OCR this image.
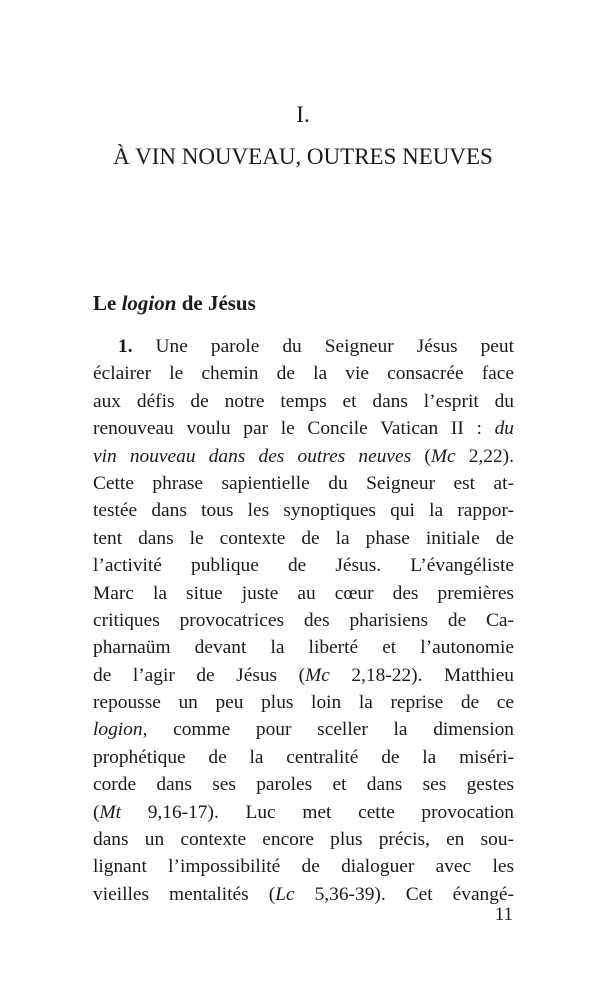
I.
À VIN NOUVEAU, OUTRES NEUVES
Le logion de Jésus
1. Une parole du Seigneur Jésus peut
éclairer le chemin de la vie consacrée face
aux défis de notre temps et dans l’esprit du
renouveau voulu par le Concile Vatican II : du
vin nouveau dans des outres neuves (Mc 2,22).
Cette phrase sapientielle du Seigneur est at-
testée dans tous les synoptiques qui la rappor-
tent dans le contexte de la phase initiale de
l’activité publique de Jésus. L’évangéliste
Marc la situe juste au cœur des premières
critiques provocatrices des pharisiens de Ca-
pharnaüm devant la liberté et l’autonomie
de l’agir de Jésus (Mc 2,18-22). Matthieu
repousse un peu plus loin la reprise de ce
logion, comme pour sceller la dimension
prophétique de la centralité de la miséri-
corde dans ses paroles et dans ses gestes
(Mt 9,16-17). Luc met cette provocation
dans un contexte encore plus précis, en sou-
lignant l’impossibilité de dialoguer avec les
vieilles mentalités (Lc 5,36-39). Cet évangé-
11
